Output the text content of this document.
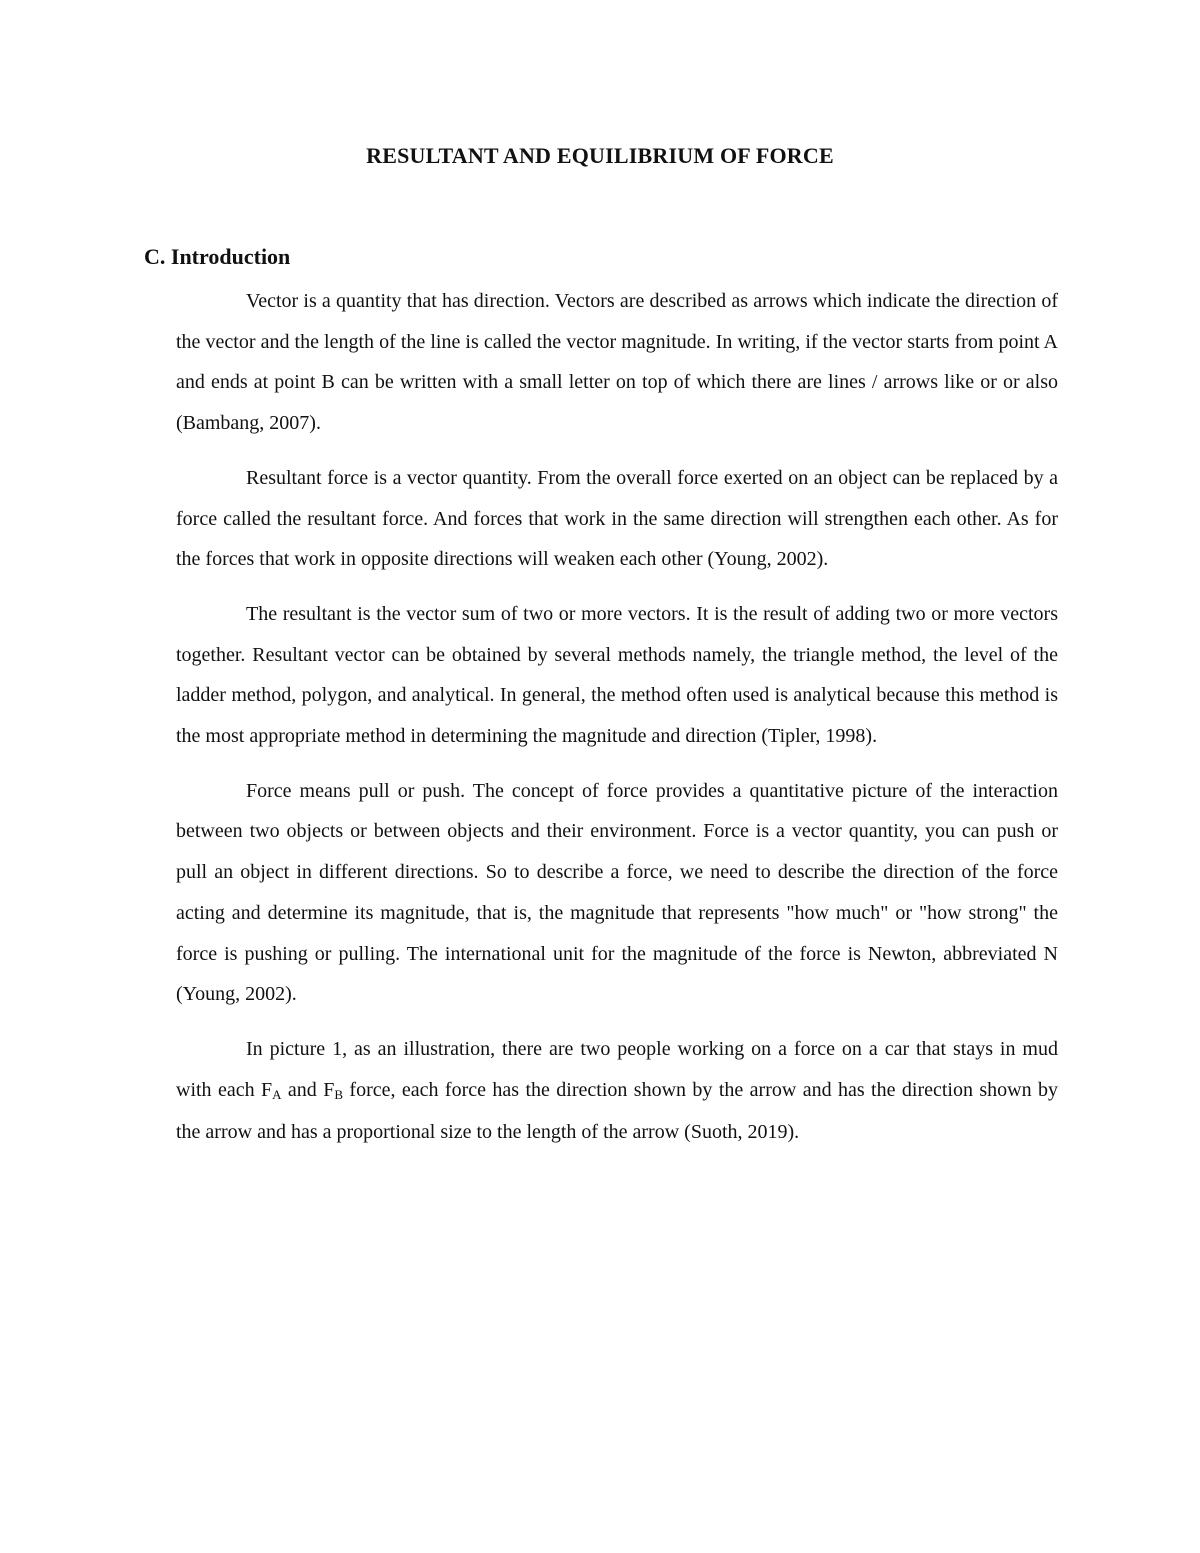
RESULTANT AND EQUILIBRIUM OF FORCE
C. Introduction

Vector is a quantity that has direction. Vectors are described as arrows which indicate the direction of the vector and the length of the line is called the vector magnitude. In writing, if the vector starts from point A and ends at point B can be written with a small letter on top of which there are lines / arrows like or or also (Bambang, 2007).

Resultant force is a vector quantity. From the overall force exerted on an object can be replaced by a force called the resultant force. And forces that work in the same direction will strengthen each other. As for the forces that work in opposite directions will weaken each other (Young, 2002).

The resultant is the vector sum of two or more vectors. It is the result of adding two or more vectors together. Resultant vector can be obtained by several methods namely, the triangle method, the level of the ladder method, polygon, and analytical. In general, the method often used is analytical because this method is the most appropriate method in determining the magnitude and direction (Tipler, 1998).

Force means pull or push. The concept of force provides a quantitative picture of the interaction between two objects or between objects and their environment. Force is a vector quantity, you can push or pull an object in different directions. So to describe a force, we need to describe the direction of the force acting and determine its magnitude, that is, the magnitude that represents "how much" or "how strong" the force is pushing or pulling. The international unit for the magnitude of the force is Newton, abbreviated N (Young, 2002).

In picture 1, as an illustration, there are two people working on a force on a car that stays in mud with each FA and FB force, each force has the direction shown by the arrow and has the direction shown by the arrow and has a proportional size to the length of the arrow (Suoth, 2019).
